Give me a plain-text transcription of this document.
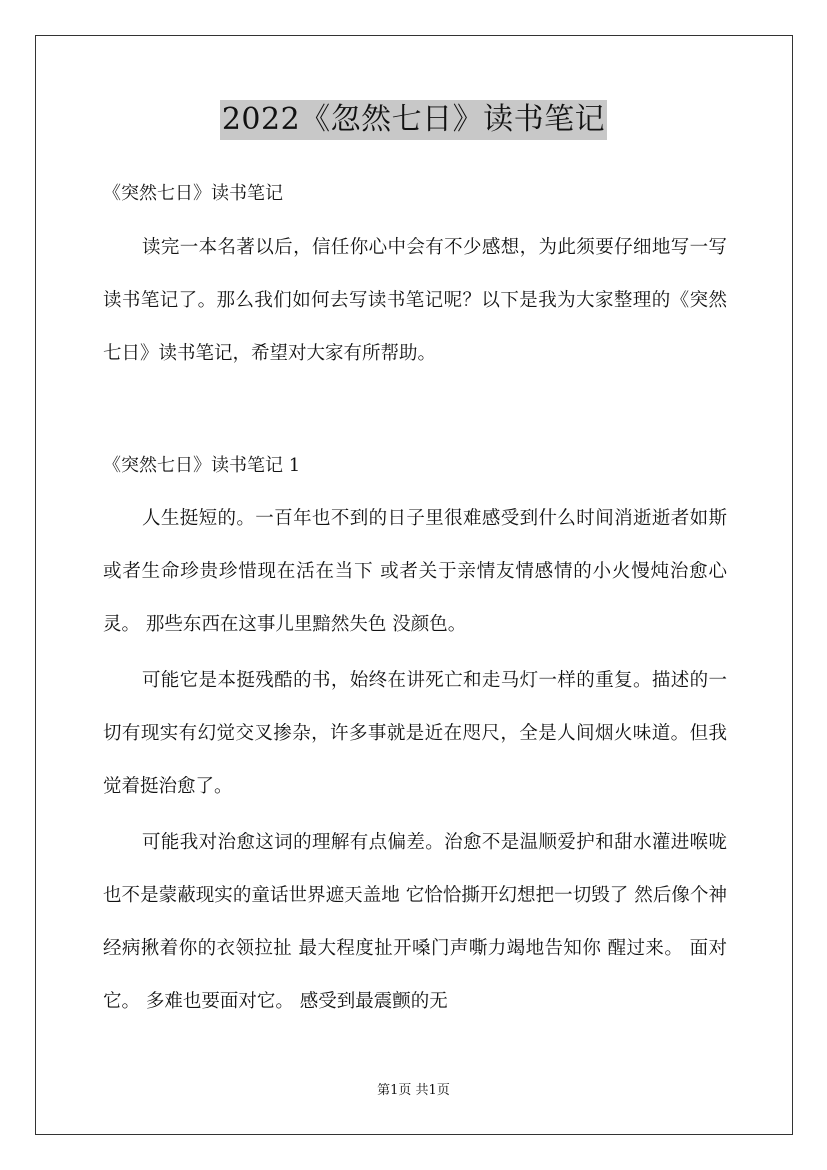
2022《忽然七日》读书笔记
《突然七日》读书笔记

读完一本名著以后，信任你心中会有不少感想，为此须要仔细地写一写读书笔记了。那么我们如何去写读书笔记呢？以下是我为大家整理的《突然七日》读书笔记，希望对大家有所帮助。

《突然七日》读书笔记 1

人生挺短的。一百年也不到的日子里很难感受到什么时间消逝逝者如斯 或者生命珍贵珍惜现在活在当下 或者关于亲情友情感情的小火慢炖治愈心灵。 那些东西在这事儿里黯然失色 没颜色。

可能它是本挺残酷的书，始终在讲死亡和走马灯一样的重复。描述的一切有现实有幻觉交叉掺杂，许多事就是近在咫尺，全是人间烟火味道。但我觉着挺治愈了。

可能我对治愈这词的理解有点偏差。治愈不是温顺爱护和甜水灌进喉咙也不是蒙蔽现实的童话世界遮天盖地 它恰恰撕开幻想把一切毁了 然后像个神经病揪着你的衣领拉扯 最大程度扯开嗓门声嘶力竭地告知你 醒过来。 面对它。 多难也要面对它。 感受到最震颤的无

第1页 共1页
